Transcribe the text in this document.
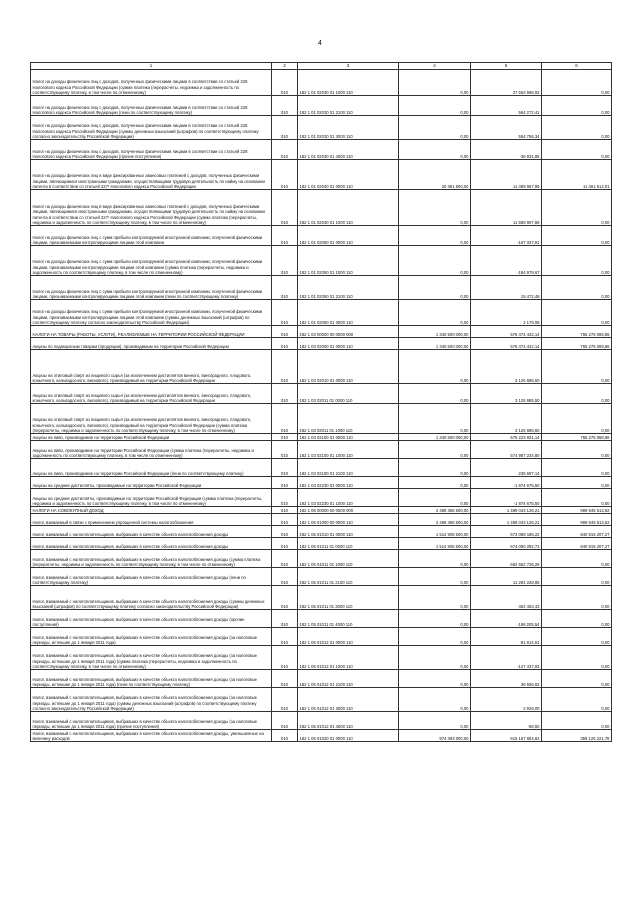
4
1	2	3	4	5	6
Налог на доходы физических лиц с доходов, полученных физическими лицами в соответствии со статьей 228 Налогового кодекса Российской Федерации (сумма платежа (перерасчеты, недоимка и задолженность по соответствующему платежу, в том числе по отмененному)	010	182 1 01 02030 01 1000 110	0,00	27 553 666,92	0,00
Налог на доходы физических лиц с доходов, полученных физическими лицами в соответствии со статьей 228 Налогового кодекса Российской Федерации (пени по соответствующему платежу)	010	182 1 01 02030 01 2100 110	0,00	564 272,41	0,00
Налог на доходы физических лиц с доходов, полученных физическими лицами в соответствии со статьей 228 Налогового кодекса Российской Федерации (суммы денежных взысканий (штрафов) по соответствующему платежу согласно законодательству Российской Федерации)	010	182 1 01 02030 01 3000 110	0,00	554 756,34	0,00
Налог на доходы физических лиц с доходов, полученных физическими лицами в соответствии со статьей 228 Налогового кодекса Российской Федерации (прочие поступления)	010	182 1 01 02030 01 4000 110	0,00	-36 931,85	0,00
Налог на доходы физических лиц в виде фиксированных авансовых платежей с доходов, полученных физическими лицами, являющимися иностранными гражданами, осуществляющими трудовую деятельность по найму на основании патента в соответствии со статьей 227¹ Налогового кодекса Российской Федерации	010	182 1 01 02040 01 0000 110	20 381 500,00	11 499 967,99	11 461 512,01
Налог на доходы физических лиц в виде фиксированных авансовых платежей с доходов, полученных физическими лицами, являющимися иностранными гражданами, осуществляющими трудовую деятельность по найму на основании патента в соответствии со статьей 227¹ Налогового кодекса Российской Федерации (сумма платежа (перерасчеты, недоимка и задолженность по соответствующему платежу, в том числе по отмененному)	010	182 1 01 02040 01 1000 110	0,00	11 589 907,69	0,00
Налог на доходы физических лиц с сумм прибыли контролируемой иностранной компании, полученной физическими лицами, признаваемыми контролирующими лицами этой компании	010	182 1 01 02050 01 0000 110	0,00	-167 327,91	0,00
Налог на доходы физических лиц с сумм прибыли контролируемой иностранной компании, полученной физическими лицами, признаваемыми контролирующими лицами этой компании (сумма платежа (перерасчеты, недоимка и задолженность по соответствующему платежу, в том числе по отмененному)	010	182 1 01 02050 01 1000 110	0,00	-184 979,67	0,00
Налог на доходы физических лиц с сумм прибыли контролируемой иностранной компании, полученной физическими лицами, признаваемыми контролирующими лицами этой компании (пени по соответствующему платежу)	010	182 1 01 02050 01 2100 110	0,00	15 472,48	0,00
Налог на доходы физических лиц с сумм прибыли контролируемой иностранной компании, полученной физическими лицами, признаваемыми контролирующими лицами этой компании (суммы денежных взысканий (штрафов) по соответствующему платежу согласно законодательству Российской Федерации)	010	182 1 01 02050 01 3000 110	0,00	2 179,08	0,00
НАЛОГИ НА ТОВАРЫ (РАБОТЫ, УСЛУГИ), РЕАЛИЗУЕМЫЕ НА ТЕРРИТОРИИ РОССИЙСКОЙ ФЕДЕРАЦИИ	010	182 1 03 00000 00 0000 000	1 340 500 000,00	576 474 442,14	765 276 069,86
Акцизы по подакцизным товарам (продукции), производимым на территории Российской Федерации	010	182 1 03 02000 01 0000 110	1 340 500 000,00	576 474 442,14	765 276 069,86
Акцизы на этиловый спирт из пищевого сырья (за исключением дистиллятов винного, виноградного, плодового, коньячного, кальвадосного, вискового), производимый на территории Российской Федерации	010	182 1 03 02010 01 0000 110	0,00	3 125 685,50	0,00
Акцизы на этиловый спирт из пищевого сырья (за исключением дистиллятов винного, виноградного, плодового, коньячного, кальвадосного, вискового), производимый на территории Российской Федерации	010	182 1 03 02011 01 0000 110	0,00	3 125 685,50	0,00
Акцизы на этиловый спирт из пищевого сырья (за исключением дистиллятов винного, виноградного, плодового, коньячного, кальвадосного, вискового), производимый на территории Российской Федерации (сумма платежа (перерасчеты, недоимка и задолженность по соответствующему платежу, в том числе по отмененному)	010	182 1 03 02011 01 1000 110	0,00	3 125 685,50	0,00
Акцизы на пиво, производимое на территории Российской Федерации	010	182 1 03 02100 01 0000 110	1 340 500 000,00	575 223 931,14	765 276 068,86
Акцизы на пиво, производимое на территории Российской Федерации (сумма платежа (перерасчеты, недоимка и задолженность по соответствующему платежу, в том числе по отмененному)	010	182 1 03 02100 01 1000 110	0,00	574 987 234,80	0,00
Акцизы на пиво, производимое на территории Российской Федерации (пени по соответствующему платежу)	010	182 1 03 02100 01 2100 110	0,00	236 697,14	0,00
Акцизы на средние дистилляты, производимые на территории Российской Федерации	010	182 1 03 02230 01 0000 110	0,00	-1 874 675,50	0,00
Акцизы на средние дистилляты, производимые на территории Российской Федерации (сумма платежа (перерасчеты, недоимка и задолженность по соответствующему платежу, в том числе по отмененному)	010	182 1 03 02230 01 1000 110	0,00	-1 874 675,50	0,00
НАЛОГИ НА СОВОКУПНЫЙ ДОХОД	010	182 1 05 00000 00 0000 000	2 489 356 500,00	1 489 043 126,21	999 845 513,62
Налог, взимаемый в связи с применением упрощенной системы налогообложения	010	182 1 05 01000 00 0000 110	2 489 356 500,00	1 489 043 126,21	999 845 513,62
Налог, взимаемый с налогоплательщиков, выбравших в качестве объекта налогообложения доходы	010	182 1 05 01010 01 0000 110	1 514 905 500,00	673 089 186,22	840 815 207,27
Налог, взимаемый с налогоплательщиков, выбравших в качестве объекта налогообложения доходы	010	182 1 05 01011 01 0000 110	1 514 905 500,00	674 090 292,73	840 815 207,27
Налог, взимаемый с налогоплательщиков, выбравших в качестве объекта налогообложения доходы (сумма платежа (перерасчеты, недоимка и задолженность по соответствующему платежу, в том числе по отмененному)	010	182 1 05 01011 01 1000 110	0,00	662 552 726,29	0,00
Налог, взимаемый с налогоплательщиков, выбравших в качестве объекта налогообложения доходы (пени по соответствующему платежу)	010	182 1 05 01011 01 2100 110	0,00	11 284 228,85	0,00
Налог, взимаемый с налогоплательщиков, выбравших в качестве объекта налогообложения доходы (суммы денежных взысканий (штрафов) по соответствующему платежу согласно законодательству Российской Федерации)	010	182 1 05 01011 01 3000 110	0,00	452 453,43	0,00
Налог, взимаемый с налогоплательщиков, выбравших в качестве объекта налогообложения доходы (прочие поступления)	010	182 1 05 01011 01 4000 110	0,00	-199 205,54	0,00
Налог, взимаемый с налогоплательщиков, выбравших в качестве объекта налогообложения доходы (за налоговые периоды, истекшие до 1 января 2011 года)	010	182 1 05 01012 01 0000 110	0,00	-91 814,51	0,00
Налог, взимаемый с налогоплательщиков, выбравших в качестве объекта налогообложения доходы (за налоговые периоды, истекшие до 1 января 2011 года) (сумма платежа (перерасчеты, недоимка и задолженность по соответствующему платежу, в том числе по отмененному)	010	182 1 05 01012 01 1000 110	0,00	-127 437,83	0,00
Налог, взимаемый с налогоплательщиков, выбравших в качестве объекта налогообложения доходы (за налоговые периоды, истекшие до 1 января 2011 года) (пени по соответствующему платежу)	010	182 1 05 01012 01 2100 110	0,00	36 556,82	0,00
Налог, взимаемый с налогоплательщиков, выбравших в качестве объекта налогообложения доходы (за налоговые периоды, истекшие до 1 января 2011 года) (суммы денежных взысканий (штрафов) по соответствующему платежу согласно законодательству Российской Федерации)	010	182 1 05 01012 01 3000 110	0,00	2 925,00	0,00
Налог, взимаемый с налогоплательщиков, выбравших в качестве объекта налогообложения доходы (за налоговые периоды, истекшие до 1 января 2011 года) (прочие поступления)	010	182 1 05 01012 01 4000 110	0,00	-58,50	0,00
Налог, взимаемый с налогоплательщиков, выбравших в качестве объекта налогообложения доходы, уменьшенные на величину расходов	010	182 1 05 01020 01 0000 110	974 393 000,00	615 167 664,62	359 125 221,78
